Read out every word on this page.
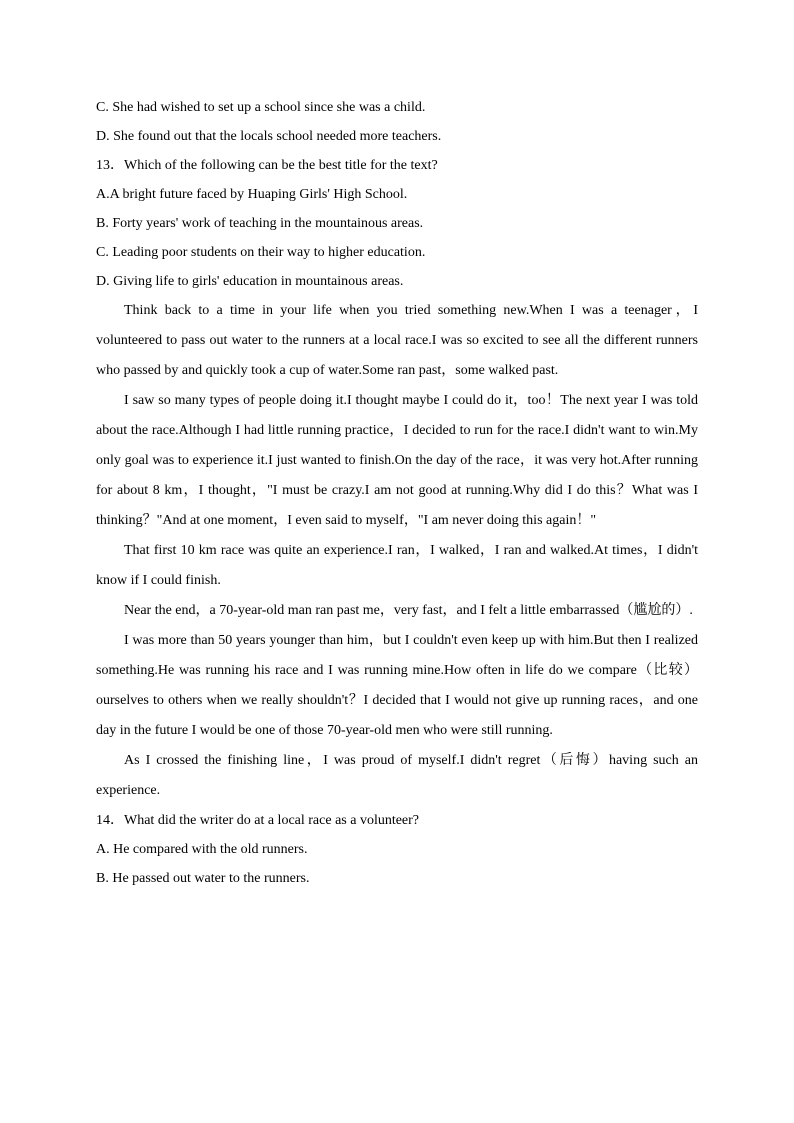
C. She had wished to set up a school since she was a child.
D. She found out that the locals school needed more teachers.
13．Which of the following can be the best title for the text?
A.A bright future faced by Huaping Girls' High School.
B. Forty years' work of teaching in the mountainous areas.
C. Leading poor students on their way to higher education.
D. Giving life to girls' education in mountainous areas.

Think back to a time in your life when you tried something new.When I was a teenager，I volunteered to pass out water to the runners at a local race.I was so excited to see all the different runners who passed by and quickly took a cup of water.Some ran past，some walked past.

I saw so many types of people doing it.I thought maybe I could do it，too！The next year I was told about the race.Although I had little running practice，I decided to run for the race.I didn't want to win.My only goal was to experience it.I just wanted to finish.On the day of the race，it was very hot.After running for about 8 km，I thought，"I must be crazy.I am not good at running.Why did I do this？What was I thinking？"And at one moment，I even said to myself，"I am never doing this again！"

That first 10 km race was quite an experience.I ran，I walked，I ran and walked.At times，I didn't know if I could finish.

Near the end，a 70-year-old man ran past me，very fast，and I felt a little embarrassed（尴尬的）.

I was more than 50 years younger than him，but I couldn't even keep up with him.But then I realized something.He was running his race and I was running mine.How often in life do we compare（比较）ourselves to others when we really shouldn't？I decided that I would not give up running races，and one day in the future I would be one of those 70-year-old men who were still running.

As I crossed the finishing line，I was proud of myself.I didn't regret（后悔）having such an experience.

14．What did the writer do at a local race as a volunteer?
A. He compared with the old runners.
B. He passed out water to the runners.
